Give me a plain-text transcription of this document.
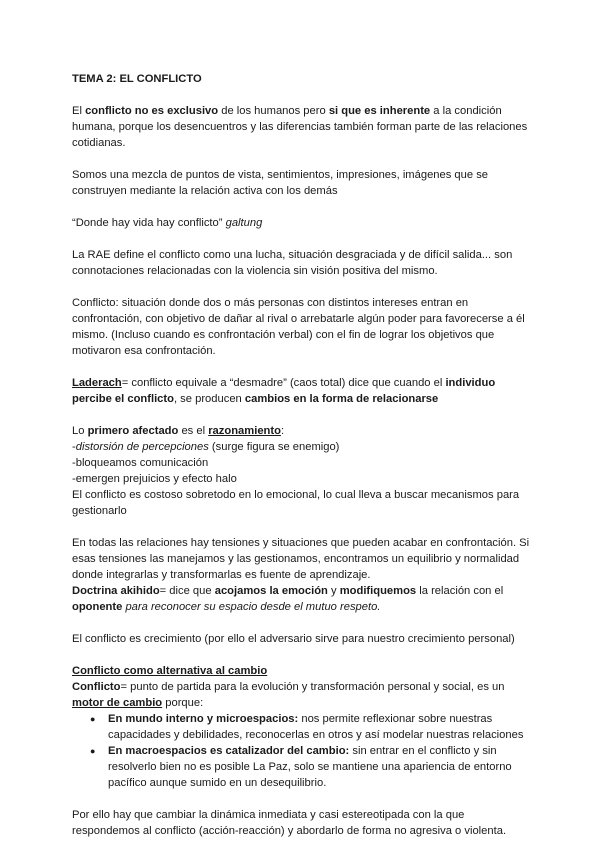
TEMA 2: EL CONFLICTO

El conflicto no es exclusivo de los humanos pero si que es inherente a la condición humana, porque los desencuentros y las diferencias también forman parte de las relaciones cotidianas.

Somos una mezcla de puntos de vista, sentimientos, impresiones, imágenes que se construyen mediante la relación activa con los demás

“Donde hay vida hay conflicto” galtung

La RAE define el conflicto como una lucha, situación desgraciada y de difícil salida... son connotaciones relacionadas con la violencia sin visión positiva del mismo.

Conflicto: situación donde dos o más personas con distintos intereses entran en confrontación, con objetivo de dañar al rival o arrebatarle algún poder para favorecerse a él mismo. (Incluso cuando es confrontación verbal) con el fin de lograr los objetivos que motivaron esa confrontación.

Laderach= conflicto equivale a “desmadre” (caos total) dice que cuando el individuo percibe el conflicto, se producen cambios en la forma de relacionarse

Lo primero afectado es el razonamiento:

-distorsión de percepciones (surge figura se enemigo)

-bloqueamos comunicación

-emergen prejuicios y efecto halo

El conflicto es costoso sobretodo en lo emocional, lo cual lleva a buscar mecanismos para gestionarlo

En todas las relaciones hay tensiones y situaciones que pueden acabar en confrontación. Si esas tensiones las manejamos y las gestionamos, encontramos un equilibrio y normalidad donde integrarlas y transformarlas es fuente de aprendizaje.

Doctrina akihido= dice que acojamos la emoción y modifiquemos la relación con el oponente para reconocer su espacio desde el mutuo respeto.

El conflicto es crecimiento (por ello el adversario sirve para nuestro crecimiento personal)

Conflicto como alternativa al cambio

Conflicto= punto de partida para la evolución y transformación personal y social, es un motor de cambio porque:

● En mundo interno y microespacios: nos permite reflexionar sobre nuestras capacidades y debilidades, reconocerlas en otros y así modelar nuestras relaciones
● En macroespacios es catalizador del cambio: sin entrar en el conflicto y sin resolverlo bien no es posible La Paz, solo se mantiene una apariencia de entorno pacífico aunque sumido en un desequilibrio.

Por ello hay que cambiar la dinámica inmediata y casi estereotipada con la que respondemos al conflicto (acción-reacción) y abordarlo de forma no agresiva o violenta.
